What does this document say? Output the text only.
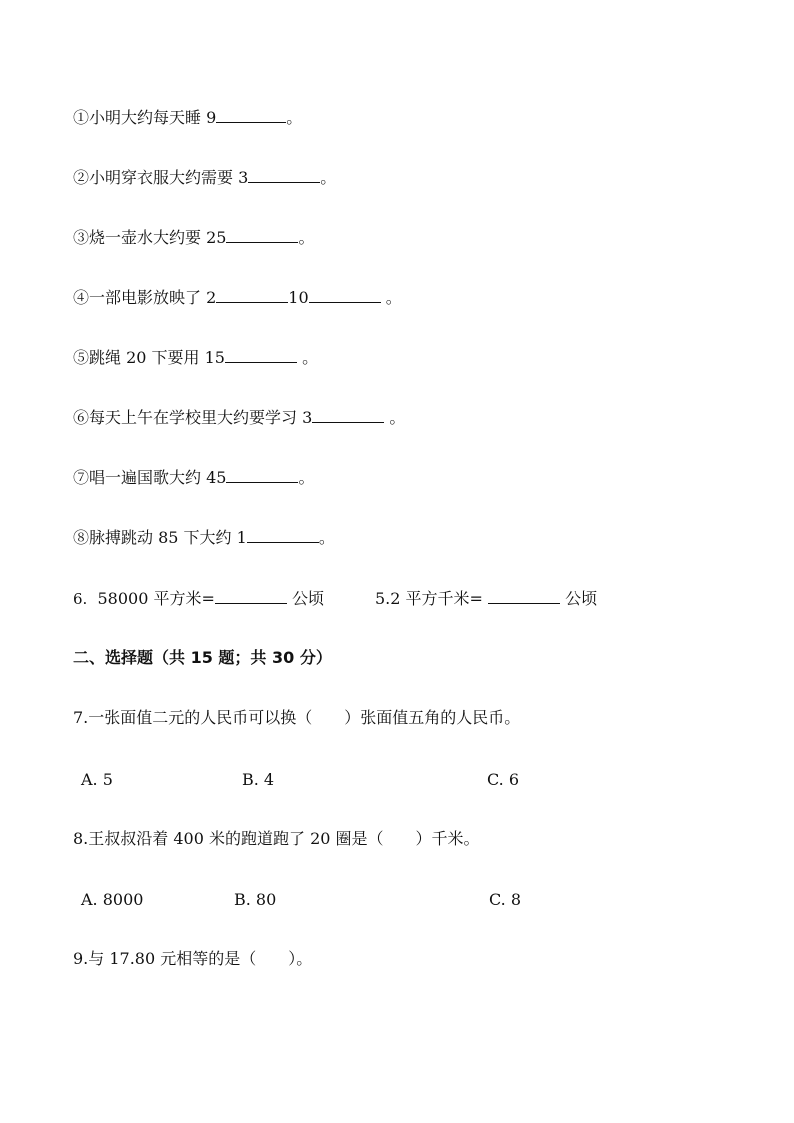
①小明大约每天睡 9	。
②小明穿衣服大约需要 3	。
③烧一壶水大约要 25	。
④一部电影放映了 2	10	。
⑤跳绳 20 下要用 15	。
⑥每天上午在学校里大约要学习 3	。
⑦唱一遍国歌大约 45	。
⑧脉搏跳动 85 下大约 1	。
6. 58000 平方米=	公顷	5.2 平方千米=	公顷
二、选择题（共 15 题；共 30 分）
7.一张面值二元的人民币可以换（　　）张面值五角的人民币。
A. 5	B. 4	C. 6
8.王叔叔沿着 400 米的跑道跑了 20 圈是（　　）千米。
A. 8000	B. 80	C. 8
9.与 17.80 元相等的是（　　）。
